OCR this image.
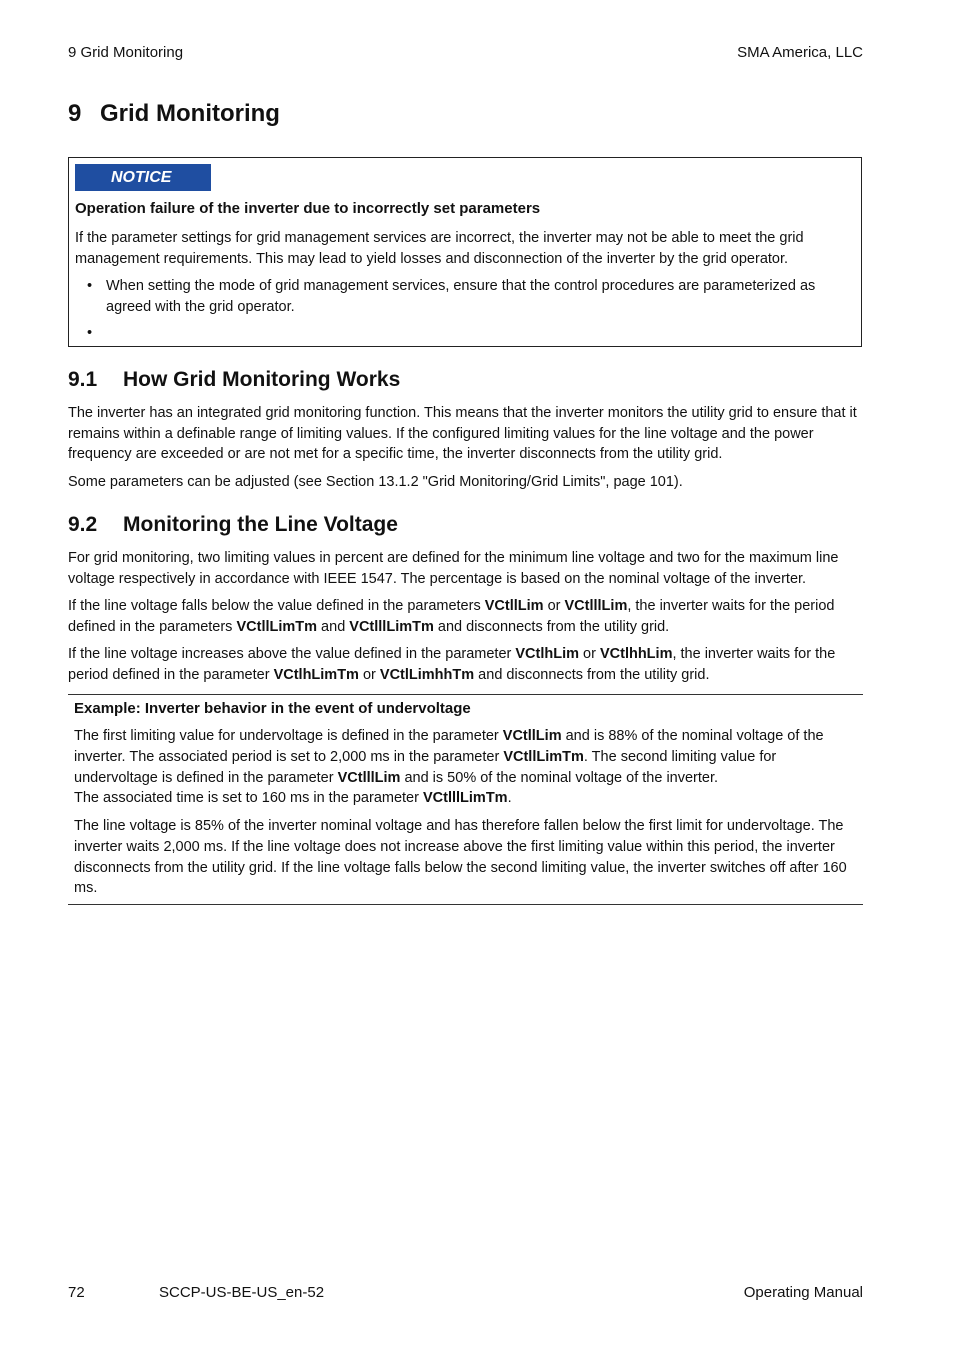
9 Grid Monitoring	SMA America, LLC
9 Grid Monitoring
NOTICE
Operation failure of the inverter due to incorrectly set parameters
If the parameter settings for grid management services are incorrect, the inverter may not be able to meet the grid management requirements. This may lead to yield losses and disconnection of the inverter by the grid operator.
• When setting the mode of grid management services, ensure that the control procedures are parameterized as agreed with the grid operator.
9.1 How Grid Monitoring Works
The inverter has an integrated grid monitoring function. This means that the inverter monitors the utility grid to ensure that it remains within a definable range of limiting values. If the configured limiting values for the line voltage and the power frequency are exceeded or are not met for a specific time, the inverter disconnects from the utility grid.
Some parameters can be adjusted (see Section 13.1.2 "Grid Monitoring/Grid Limits", page 101).
9.2 Monitoring the Line Voltage
For grid monitoring, two limiting values in percent are defined for the minimum line voltage and two for the maximum line voltage respectively in accordance with IEEE 1547. The percentage is based on the nominal voltage of the inverter.
If the line voltage falls below the value defined in the parameters VCtllLim or VCtlllLim, the inverter waits for the period defined in the parameters VCtllLimTm and VCtlllLimTm and disconnects from the utility grid.
If the line voltage increases above the value defined in the parameter VCtlhLim or VCtlhhLim, the inverter waits for the period defined in the parameter VCtlhLimTm or VCtlLimhhTm and disconnects from the utility grid.
Example: Inverter behavior in the event of undervoltage
The first limiting value for undervoltage is defined in the parameter VCtllLim and is 88% of the nominal voltage of the inverter. The associated period is set to 2,000 ms in the parameter VCtllLimTm. The second limiting value for undervoltage is defined in the parameter VCtlllLim and is 50% of the nominal voltage of the inverter.
The associated time is set to 160 ms in the parameter VCtlllLimTm.
The line voltage is 85% of the inverter nominal voltage and has therefore fallen below the first limit for undervoltage. The inverter waits 2,000 ms. If the line voltage does not increase above the first limiting value within this period, the inverter disconnects from the utility grid. If the line voltage falls below the second limiting value, the inverter switches off after 160 ms.
72	SCCP-US-BE-US_en-52	Operating Manual
